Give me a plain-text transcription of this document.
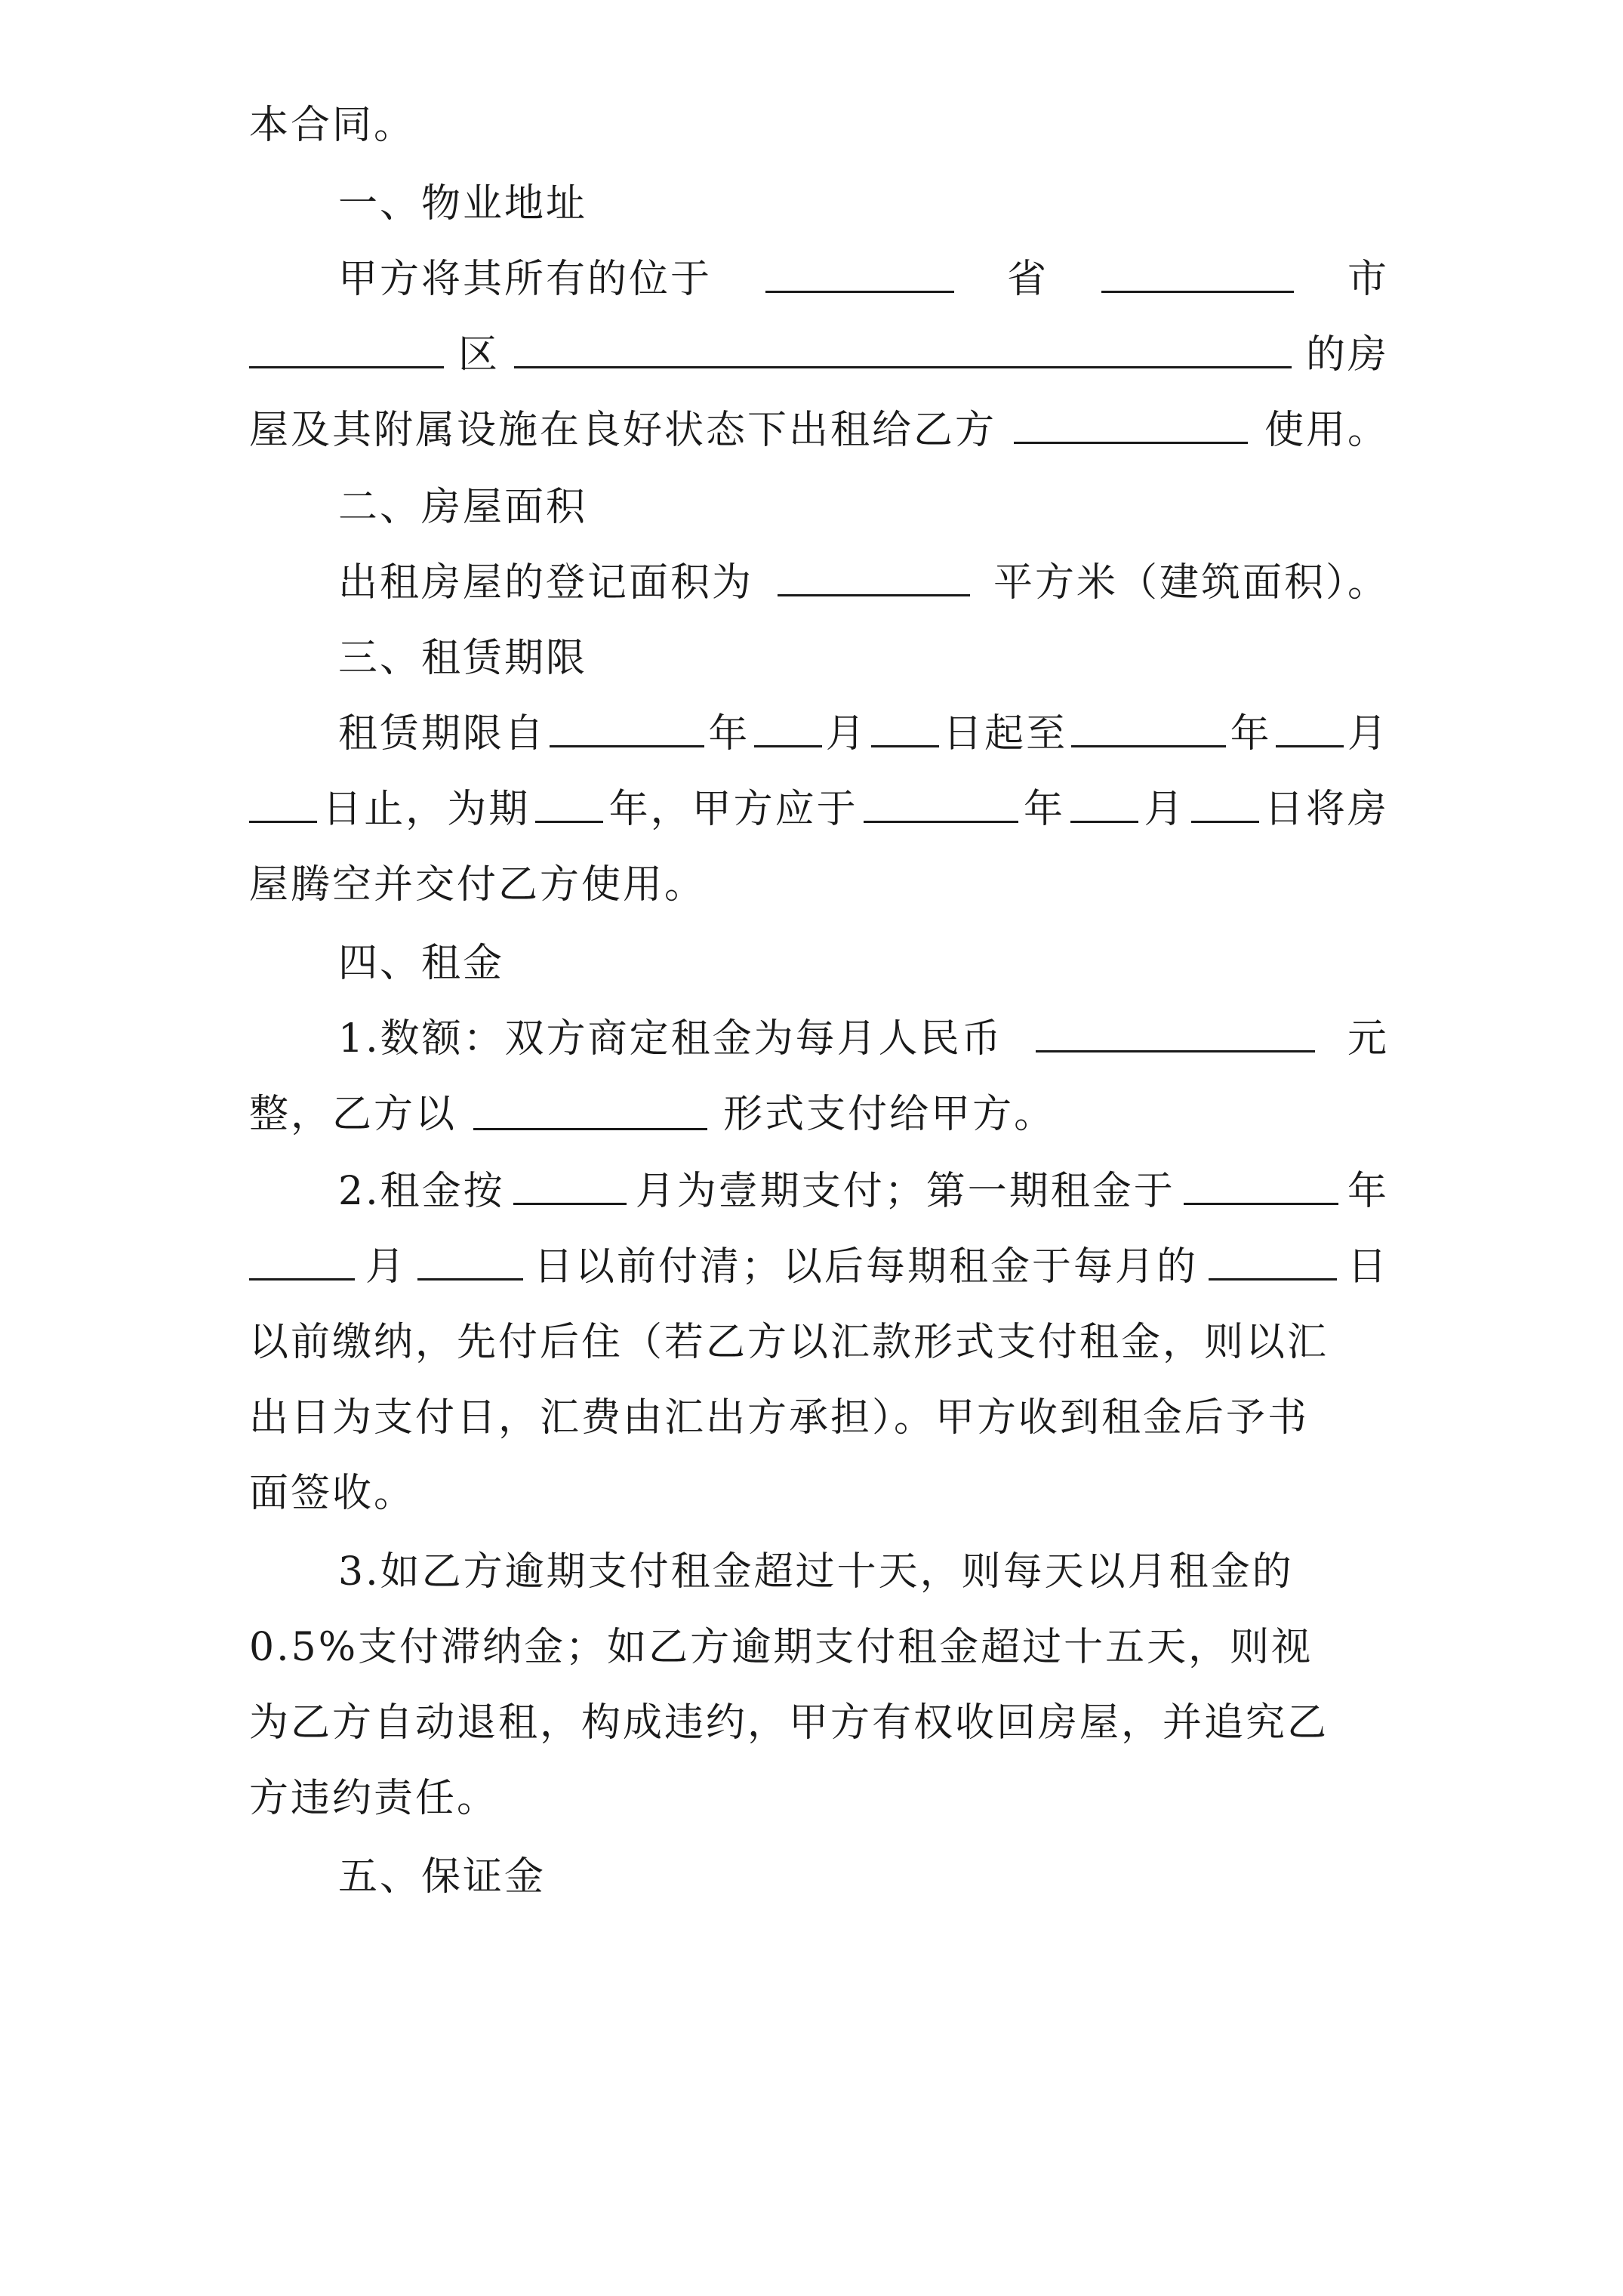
本合同。
一、物业地址
甲方将其所有的位于	省	市
区	的房
屋及其附属设施在良好状态下出租给乙方	使用。
二、房屋面积
出租房屋的登记面积为	平方米（建筑面积）。
三、租赁期限
租赁期限自	年 月 日起至	年 月
日止，为期 年，甲方应于	年 月 日将房
屋腾空并交付乙方使用。
四、租金
1.数额：双方商定租金为每月人民币	元
整，乙方以	形式支付给甲方。
2.租金按	月为壹期支付；第一期租金于	年
月	日以前付清；以后每期租金于每月的	日
以前缴纳，先付后住（若乙方以汇款形式支付租金，则以汇
出日为支付日，汇费由汇出方承担）。甲方收到租金后予书
面签收。
3.如乙方逾期支付租金超过十天，则每天以月租金的
0.5%支付滞纳金；如乙方逾期支付租金超过十五天，则视
为乙方自动退租，构成违约，甲方有权收回房屋，并追究乙
方违约责任。
五、保证金
